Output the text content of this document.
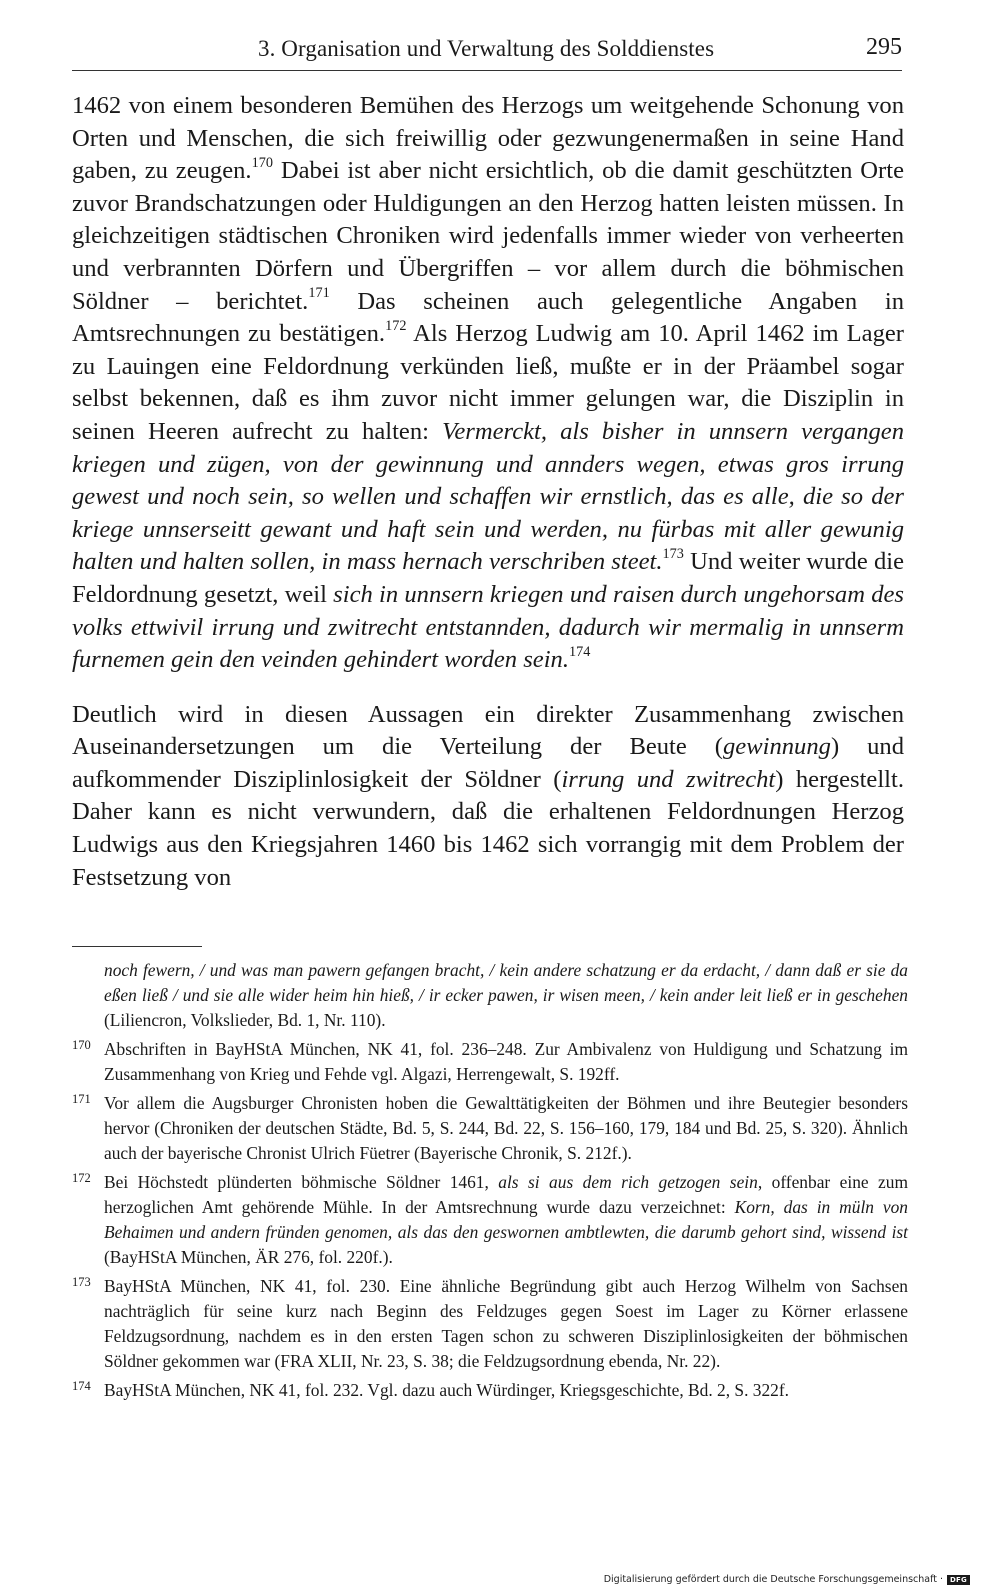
3. Organisation und Verwaltung des Solddienstes	295

1462 von einem besonderen Bemühen des Herzogs um weitgehende Schonung von Orten und Menschen, die sich freiwillig oder gezwungenermaßen in seine Hand gaben, zu zeugen.$^{170}$ Dabei ist aber nicht ersichtlich, ob die damit geschützten Orte zuvor Brandschatzungen oder Huldigungen an den Herzog hatten leisten müssen. In gleichzeitigen städtischen Chroniken wird jedenfalls immer wieder von verheerten und verbrannten Dörfern und Übergriffen – vor allem durch die böhmischen Söldner – berichtet.$^{171}$ Das scheinen auch gelegentliche Angaben in Amtsrechnungen zu bestätigen.$^{172}$ Als Herzog Ludwig am 10. April 1462 im Lager zu Lauingen eine Feldordnung verkünden ließ, mußte er in der Präambel sogar selbst bekennen, daß es ihm zuvor nicht immer gelungen war, die Disziplin in seinen Heeren aufrecht zu halten: Vermerckt, als bisher in unnsern vergangen kriegen und zügen, von der gewinnung und annders wegen, etwas gros irrung gewest und noch sein, so wellen und schaffen wir ernstlich, das es alle, die so der kriege unnserseitt gewant und haft sein und werden, nu fürbas mit aller gewunig halten und halten sollen, in mass hernach verschriben steet.$^{173}$ Und weiter wurde die Feldordnung gesetzt, weil sich in unnsern kriegen und raisen durch ungehorsam des volks ettwivil irrung und zwitrecht entstannden, dadurch wir mermalig in unnserm furnemen gein den veinden gehindert worden sein.$^{174}$

Deutlich wird in diesen Aussagen ein direkter Zusammenhang zwischen Auseinandersetzungen um die Verteilung der Beute (gewinnung) und aufkommender Disziplinlosigkeit der Söldner (irrung und zwitrecht) hergestellt. Daher kann es nicht verwundern, daß die erhaltenen Feldordnungen Herzog Ludwigs aus den Kriegsjahren 1460 bis 1462 sich vorrangig mit dem Problem der Festsetzung von

noch fewern, / und was man pawern gefangen bracht, / kein andere schatzung er da erdacht, / dann daß er sie da eßen ließ / und sie alle wider heim hin hieß, / ir ecker pawen, ir wisen meen, / kein ander leit ließ er in geschehen (Liliencron, Volkslieder, Bd. 1, Nr. 110).

170 Abschriften in BayHStA München, NK 41, fol. 236–248. Zur Ambivalenz von Huldigung und Schatzung im Zusammenhang von Krieg und Fehde vgl. Algazi, Herrengewalt, S. 192ff.

171 Vor allem die Augsburger Chronisten hoben die Gewalttätigkeiten der Böhmen und ihre Beutegier besonders hervor (Chroniken der deutschen Städte, Bd. 5, S. 244, Bd. 22, S. 156–160, 179, 184 und Bd. 25, S. 320). Ähnlich auch der bayerische Chronist Ulrich Füetrer (Bayerische Chronik, S. 212f.).

172 Bei Höchstedt plünderten böhmische Söldner 1461, als si aus dem rich getzogen sein, offenbar eine zum herzoglichen Amt gehörende Mühle. In der Amtsrechnung wurde dazu verzeichnet: Korn, das in müln von Behaimen und andern fründen genomen, als das den geswornen ambtlewten, die darumb gehort sind, wissend ist (BayHStA München, ÄR 276, fol. 220f.).

173 BayHStA München, NK 41, fol. 230. Eine ähnliche Begründung gibt auch Herzog Wilhelm von Sachsen nachträglich für seine kurz nach Beginn des Feldzuges gegen Soest im Lager zu Körner erlassene Feldzugsordnung, nachdem es in den ersten Tagen schon zu schweren Disziplinlosigkeiten der böhmischen Söldner gekommen war (FRA XLII, Nr. 23, S. 38; die Feldzugsordnung ebenda, Nr. 22).

174 BayHStA München, NK 41, fol. 232. Vgl. dazu auch Würdinger, Kriegsgeschichte, Bd. 2, S. 322f.

Digitalisierung gefördert durch die Deutsche Forschungsgemeinschaft ·	DFG
